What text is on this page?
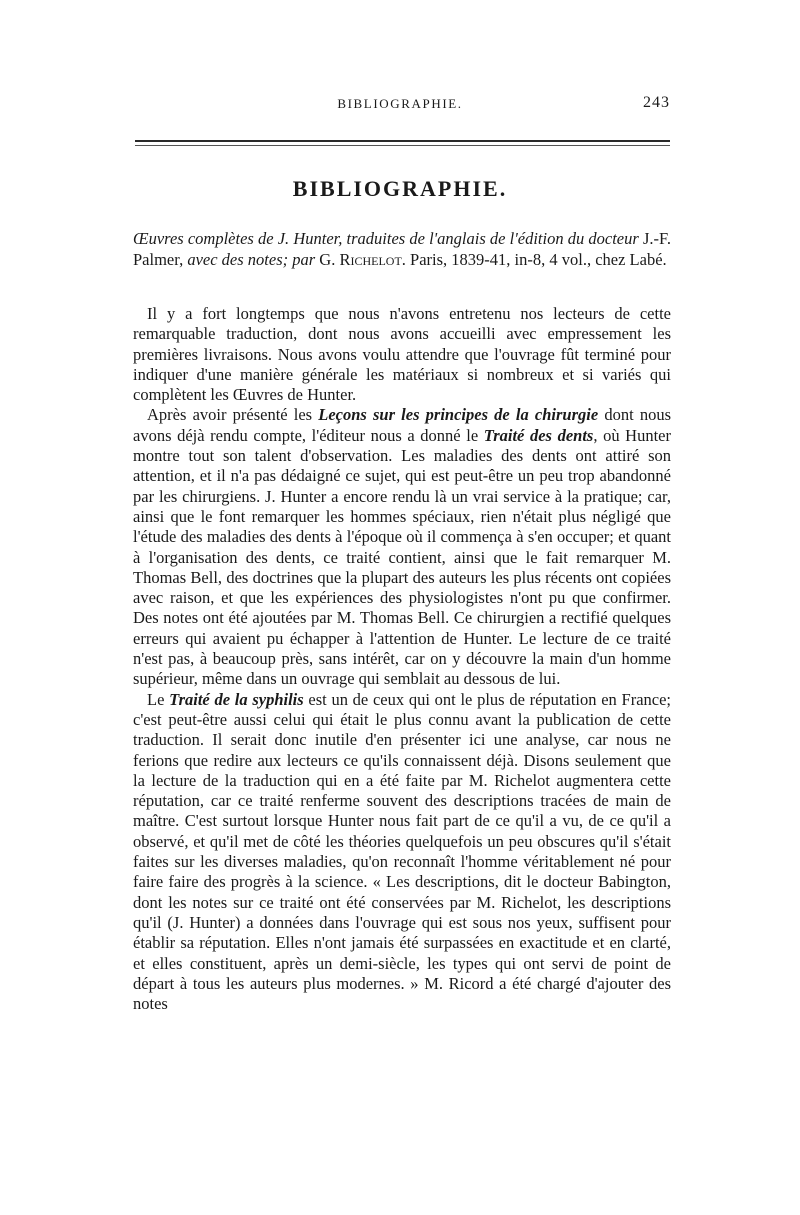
BIBLIOGRAPHIE.	243
BIBLIOGRAPHIE.
Œuvres complètes de J. Hunter, traduites de l'anglais de l'édition du docteur J.-F. Palmer, avec des notes; par G. Richelot. Paris, 1839-41, in-8, 4 vol., chez Labé.

Il y a fort longtemps que nous n'avons entretenu nos lecteurs de cette remarquable traduction, dont nous avons accueilli avec empressement les premières livraisons. Nous avons voulu attendre que l'ouvrage fût terminé pour indiquer d'une manière générale les matériaux si nombreux et si variés qui complètent les Œuvres de Hunter.

Après avoir présenté les Leçons sur les principes de la chirurgie dont nous avons déjà rendu compte, l'éditeur nous a donné le Traité des dents, où Hunter montre tout son talent d'observation. Les maladies des dents ont attiré son attention, et il n'a pas dédaigné ce sujet, qui est peut-être un peu trop abandonné par les chirurgiens. J. Hunter a encore rendu là un vrai service à la pratique; car, ainsi que le font remarquer les hommes spéciaux, rien n'était plus négligé que l'étude des maladies des dents à l'époque où il commença à s'en occuper; et quant à l'organisation des dents, ce traité contient, ainsi que le fait remarquer M. Thomas Bell, des doctrines que la plupart des auteurs les plus récents ont copiées avec raison, et que les expériences des physiologistes n'ont pu que confirmer. Des notes ont été ajoutées par M. Thomas Bell. Ce chirurgien a rectifié quelques erreurs qui avaient pu échapper à l'attention de Hunter. Le lecture de ce traité n'est pas, à beaucoup près, sans intérêt, car on y découvre la main d'un homme supérieur, même dans un ouvrage qui semblait au dessous de lui.

Le Traité de la syphilis est un de ceux qui ont le plus de réputation en France; c'est peut-être aussi celui qui était le plus connu avant la publication de cette traduction. Il serait donc inutile d'en présenter ici une analyse, car nous ne ferions que redire aux lecteurs ce qu'ils connaissent déjà. Disons seulement que la lecture de la traduction qui en a été faite par M. Richelot augmentera cette réputation, car ce traité renferme souvent des descriptions tracées de main de maître. C'est surtout lorsque Hunter nous fait part de ce qu'il a vu, de ce qu'il a observé, et qu'il met de côté les théories quelquefois un peu obscures qu'il s'était faites sur les diverses maladies, qu'on reconnaît l'homme véritablement né pour faire faire des progrès à la science. « Les descriptions, dit le docteur Babington, dont les notes sur ce traité ont été conservées par M. Richelot, les descriptions qu'il (J. Hunter) a données dans l'ouvrage qui est sous nos yeux, suffisent pour établir sa réputation. Elles n'ont jamais été surpassées en exactitude et en clarté, et elles constituent, après un demi-siècle, les types qui ont servi de point de départ à tous les auteurs plus modernes. » M. Ricord a été chargé d'ajouter des notes
